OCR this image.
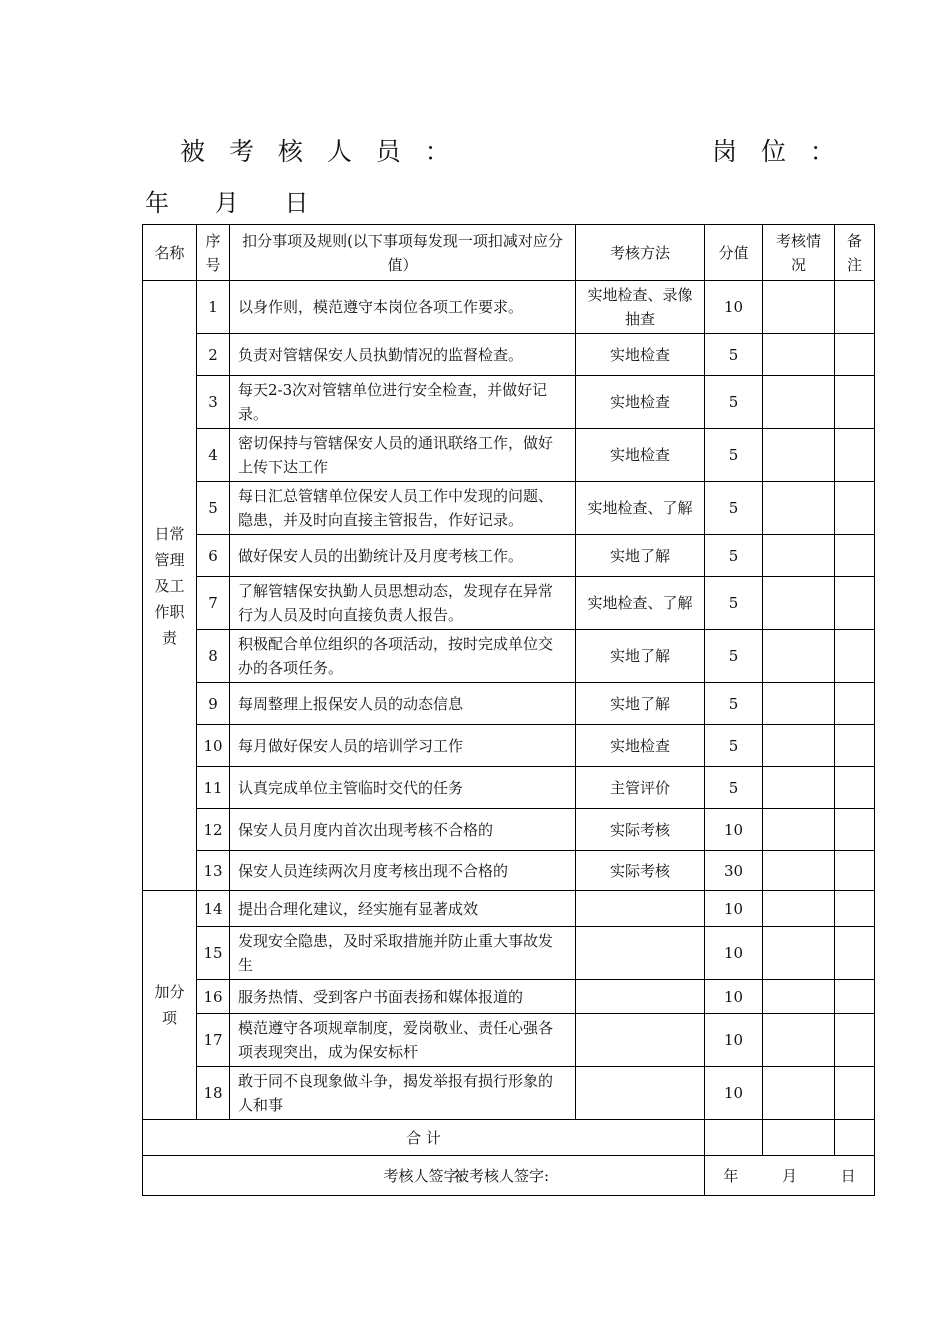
被 考 核 人 员 ：	岗 位 ：
年      月      日
名称	序号	扣分事项及规则(以下事项每发现一项扣减对应分值）	考核方法	分值	考核情况	备注
日常管理及工作职责	1	以身作则，模范遵守本岗位各项工作要求。	实地检查、录像抽查	10		
	2	负责对管辖保安人员执勤情况的监督检查。	实地检查	5		
	3	每天2-3次对管辖单位进行安全检查，并做好记录。	实地检查	5		
	4	密切保持与管辖保安人员的通讯联络工作，做好上传下达工作	实地检查	5		
	5	每日汇总管辖单位保安人员工作中发现的问题、隐患，并及时向直接主管报告，作好记录。	实地检查、了解	5		
	6	做好保安人员的出勤统计及月度考核工作。	实地了解	5		
	7	了解管辖保安执勤人员思想动态，发现存在异常行为人员及时向直接负责人报告。	实地检查、了解	5		
	8	积极配合单位组织的各项活动，按时完成单位交办的各项任务。	实地了解	5		
	9	每周整理上报保安人员的动态信息	实地了解	5		
	10	每月做好保安人员的培训学习工作	实地检查	5		
	11	认真完成单位主管临时交代的任务	主管评价	5		
	12	保安人员月度内首次出现考核不合格的	实际考核	10		
	13	保安人员连续两次月度考核出现不合格的	实际考核	30		
加分项	14	提出合理化建议，经实施有显著成效		10		
	15	发现安全隐患，及时采取措施并防止重大事故发生		10		
	16	服务热情、受到客户书面表扬和媒体报道的		10		
	17	模范遵守各项规章制度，爱岗敬业、责任心强各项表现突出，成为保安标杆		10		
	18	敢于同不良现象做斗争，揭发举报有损行形象的人和事		10		
合 计						

考核人签字:
被考核人签字:				年 月 日		
